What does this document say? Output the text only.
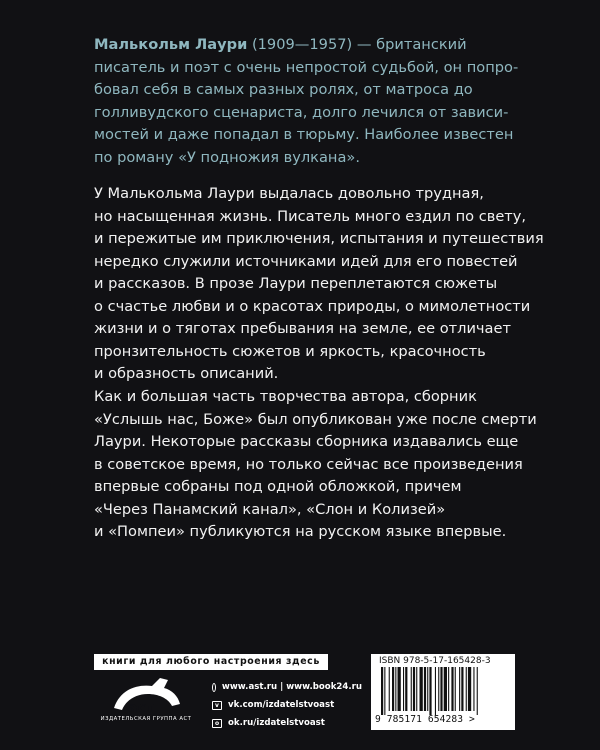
Малькольм Лаури (1909—1957) — британский
писатель и поэт с очень непростой судьбой, он попро-
бовал себя в самых разных ролях, от матроса до
голливудского сценариста, долго лечился от зависи-
мостей и даже попадал в тюрьму. Наиболее известен
по роману «У подножия вулкана».

У Малькольма Лаури выдалась довольно трудная,
но насыщенная жизнь. Писатель много ездил по свету,
и пережитые им приключения, испытания и путешествия
нередко служили источниками идей для его повестей
и рассказов. В прозе Лаури переплетаются сюжеты
о счастье любви и о красотах природы, о мимолетности
жизни и о тяготах пребывания на земле, ее отличает
пронзительность сюжетов и яркость, красочность
и образность описаний.

Как и большая часть творчества автора, сборник
«Услышь нас, Боже» был опубликован уже после смерти
Лаури. Некоторые рассказы сборника издавались еще
в советское время, но только сейчас все произведения
впервые собраны под одной обложкой, причем
«Через Панамский канал», «Слон и Колизей»
и «Помпеи» публикуются на русском языке впервые.

книги для любого настроения здесь
аст
ИЗДАТЕЛЬСКАЯ ГРУППА АСТ
www.ast.ru | www.book24.ru
v	vk.com/izdatelstvoast
o	ok.ru/izdatelstvoast
ISBN 978-5-17-165428-3
9 785171 654283 >
